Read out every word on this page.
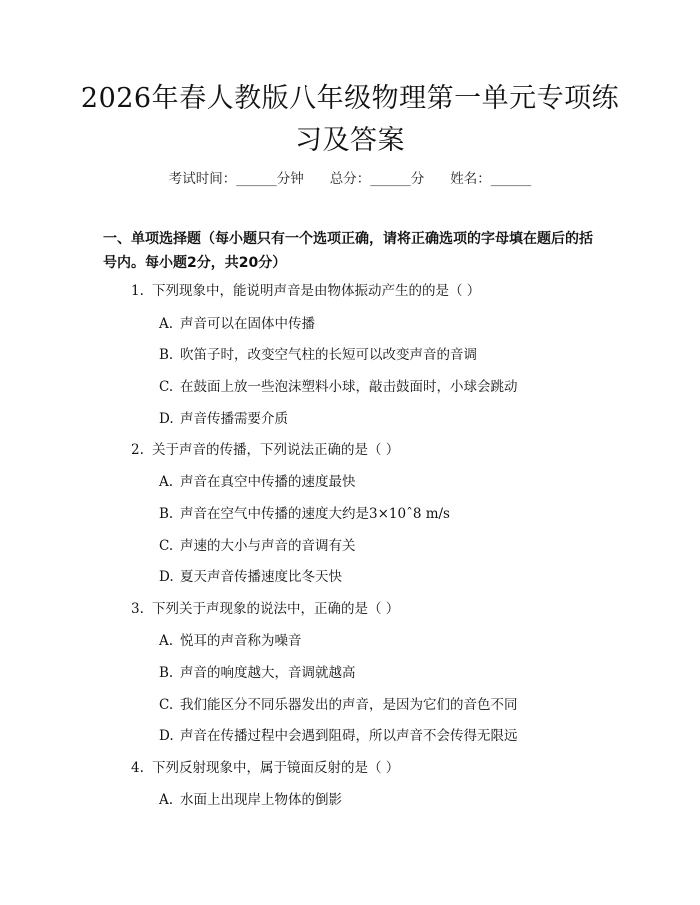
2026年春人教版八年级物理第一单元专项练习及答案
考试时间：______分钟 总分：______分 姓名：______
一、单项选择题（每小题只有一个选项正确，请将正确选项的字母填在题后的括号内。每小题2分，共20分）
1. 下列现象中，能说明声音是由物体振动产生的的是（ ）
A. 声音可以在固体中传播
B. 吹笛子时，改变空气柱的长短可以改变声音的音调
C. 在鼓面上放一些泡沫塑料小球，敲击鼓面时，小球会跳动
D. 声音传播需要介质
2. 关于声音的传播，下列说法正确的是（ ）
A. 声音在真空中传播的速度最快
B. 声音在空气中传播的速度大约是3×10ˆ8 m/s
C. 声速的大小与声音的音调有关
D. 夏天声音传播速度比冬天快
3. 下列关于声现象的说法中，正确的是（ ）
A. 悦耳的声音称为噪音
B. 声音的响度越大，音调就越高
C. 我们能区分不同乐器发出的声音，是因为它们的音色不同
D. 声音在传播过程中会遇到阻碍，所以声音不会传得无限远
4. 下列反射现象中，属于镜面反射的是（ ）
A. 水面上出现岸上物体的倒影
